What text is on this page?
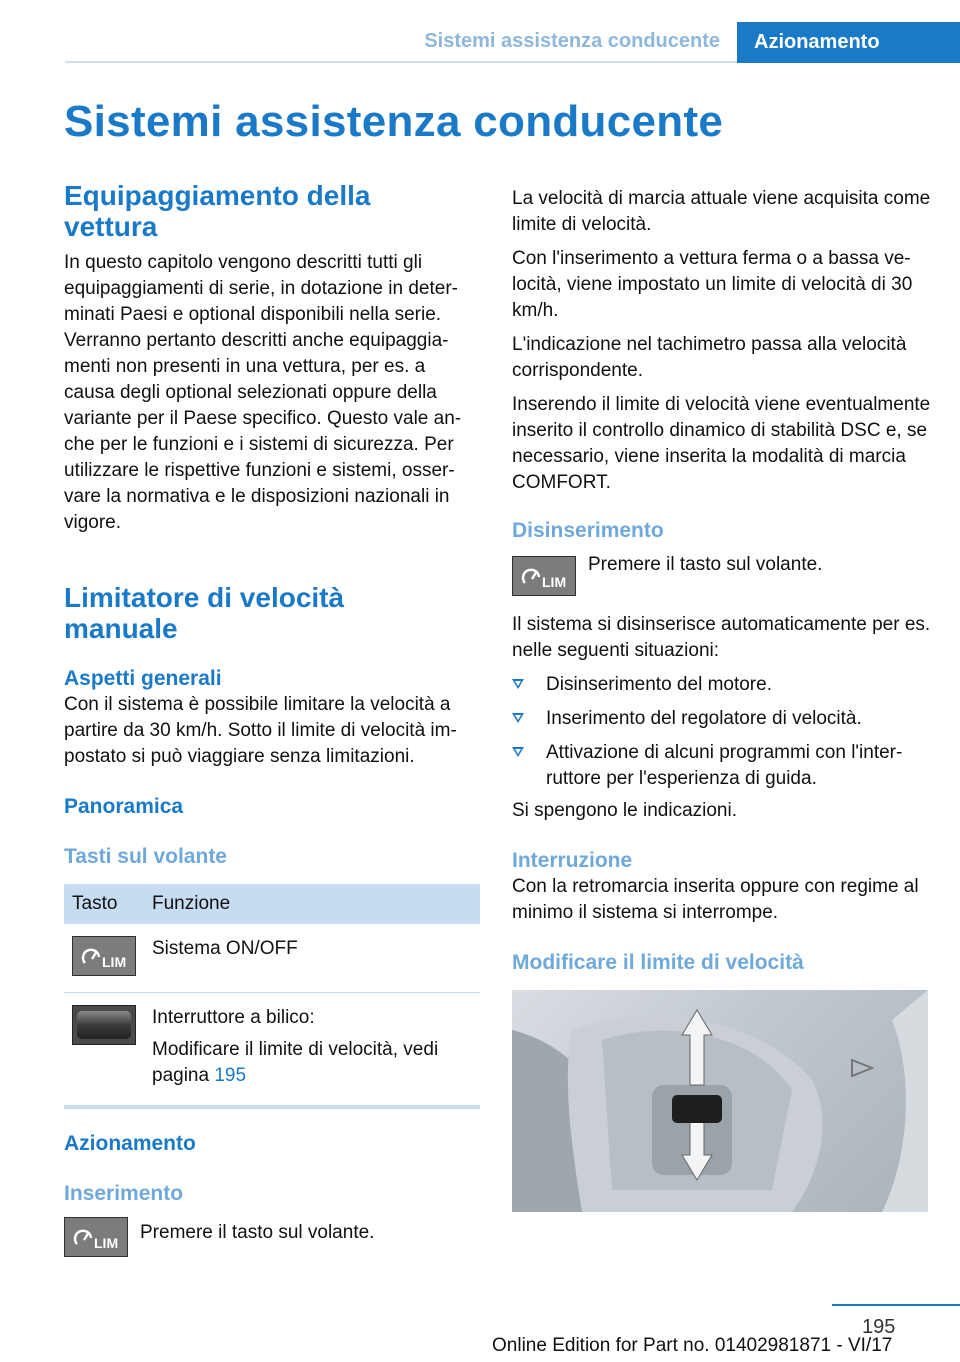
Sistemi assistenza conducente	Azionamento
Sistemi assistenza conducente
Equipaggiamento della vettura

In questo capitolo vengono descritti tutti gli equipaggiamenti di serie, in dotazione in determinati Paesi e optional disponibili nella serie. Verranno pertanto descritti anche equipaggiamenti non presenti in una vettura, per es. a causa degli optional selezionati oppure della variante per il Paese specifico. Questo vale anche per le funzioni e i sistemi di sicurezza. Per utilizzare le rispettive funzioni e sistemi, osservare la normativa e le disposizioni nazionali in vigore.

Limitatore di velocità manuale
Aspetti generali

Con il sistema è possibile limitare la velocità a partire da 30 km/h. Sotto il limite di velocità impostato si può viaggiare senza limitazioni.

Panoramica
Tasti sul volante
Tasto	Funzione

LIM	Sistema ON/OFF

	Interruttore a bilico:
Modificare il limite di velocità, vedi pagina 195
Azionamento
Inserimento
LIM Premere il tasto sul volante.

La velocità di marcia attuale viene acquisita come limite di velocità.

Con l'inserimento a vettura ferma o a bassa velocità, viene impostato un limite di velocità di 30 km/h.

L'indicazione nel tachimetro passa alla velocità corrispondente.

Inserendo il limite di velocità viene eventualmente inserito il controllo dinamico di stabilità DSC e, se necessario, viene inserita la modalità di marcia COMFORT.

Disinserimento
LIM

Premere il tasto sul volante.

Il sistema si disinserisce automaticamente per es. nelle seguenti situazioni:

Disinserimento del motore.
Inserimento del regolatore di velocità.
Attivazione di alcuni programmi con l'interruttore per l'esperienza di guida.

Si spengono le indicazioni.

Interruzione

Con la retromarcia inserita oppure con regime al minimo il sistema si interrompe.

Modificare il limite di velocità
195
Online Edition for Part no. 01402981871 - VI/17
